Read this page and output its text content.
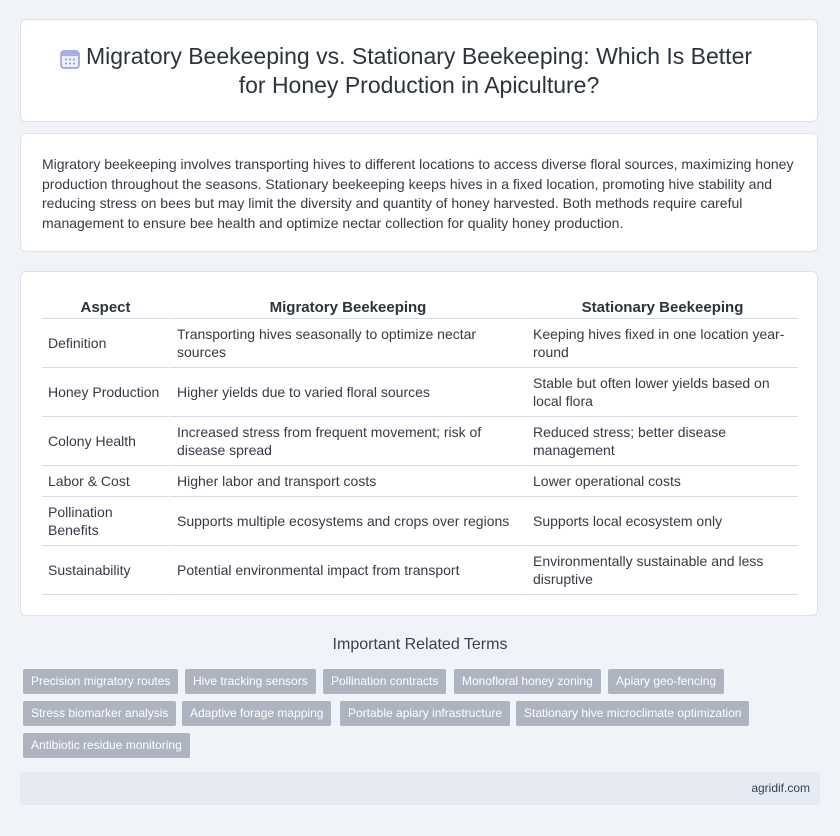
Migratory Beekeeping vs. Stationary Beekeeping: Which Is Better
for Honey Production in Apiculture?
Migratory beekeeping involves transporting hives to different locations to access diverse floral sources, maximizing honey production throughout the seasons. Stationary beekeeping keeps hives in a fixed location, promoting hive stability and reducing stress on bees but may limit the diversity and quantity of honey harvested. Both methods require careful management to ensure bee health and optimize nectar collection for quality honey production.
Aspect	Migratory Beekeeping	Stationary Beekeeping
Definition	Transporting hives seasonally to optimize nectar sources	Keeping hives fixed in one location year-round
Honey Production	Higher yields due to varied floral sources	Stable but often lower yields based on local flora
Colony Health	Increased stress from frequent movement; risk of disease spread	Reduced stress; better disease management
Labor & Cost	Higher labor and transport costs	Lower operational costs
Pollination Benefits	Supports multiple ecosystems and crops over regions	Supports local ecosystem only
Sustainability	Potential environmental impact from transport	Environmentally sustainable and less disruptive
Important Related Terms
Precision migratory routes	Hive tracking sensors	Pollination contracts	Monofloral honey zoning	Apiary geo-fencing
Stress biomarker analysis	Adaptive forage mapping	Portable apiary infrastructure	Stationary hive microclimate optimization
Antibiotic residue monitoring
agridif.com
